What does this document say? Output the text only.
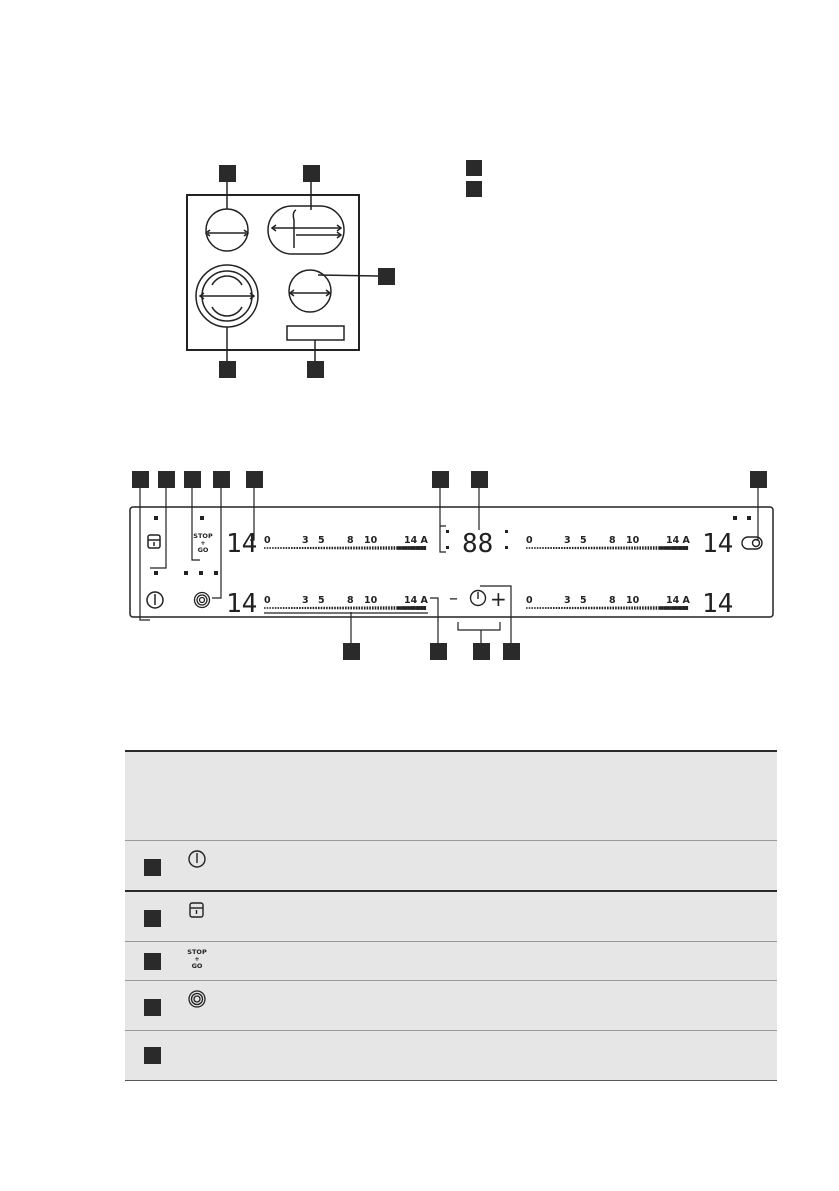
STOP
+
GO 14
14
14
14
88
0	3 5 8 10	14 A	0	3 5 8 10	14 A
0	3 5 8 10	14 A	0	3 5 8 10	14 A
– +
STOP
+
GO
